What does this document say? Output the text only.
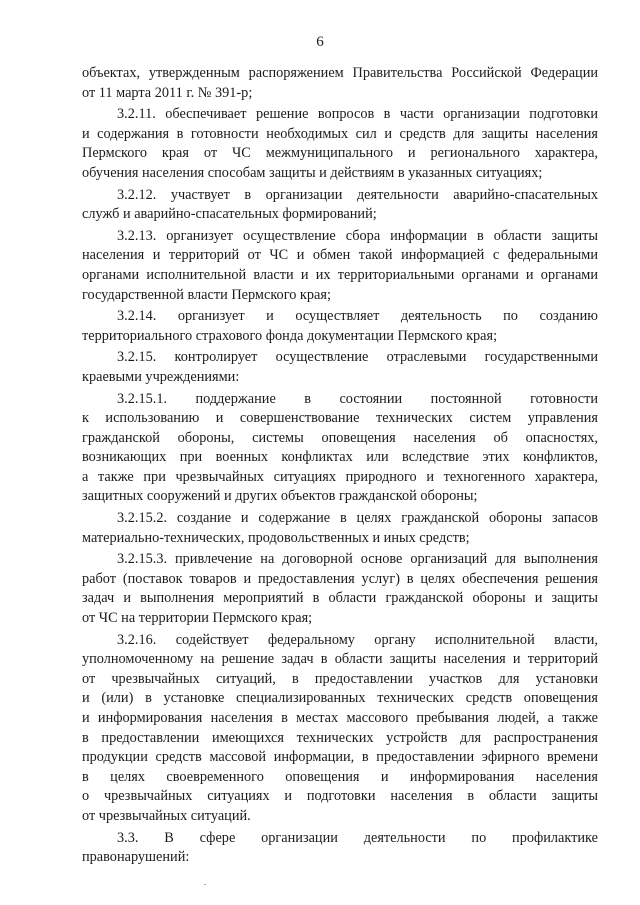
6
объектах, утвержденным распоряжением Правительства Российской Федерации
от 11 марта 2011 г. № 391-р;
3.2.11. обеспечивает решение вопросов в части организации подготовки
и содержания в готовности необходимых сил и средств для защиты населения
Пермского края от ЧС межмуниципального и регионального характера,
обучения населения способам защиты и действиям в указанных ситуациях;
3.2.12. участвует в организации деятельности аварийно-спасательных
служб и аварийно-спасательных формирований;
3.2.13. организует осуществление сбора информации в области защиты
населения и территорий от ЧС и обмен такой информацией с федеральными
органами исполнительной власти и их территориальными органами и органами
государственной власти Пермского края;
3.2.14. организует и осуществляет деятельность по созданию
территориального страхового фонда документации Пермского края;
3.2.15. контролирует осуществление отраслевыми государственными
краевыми учреждениями:
3.2.15.1. поддержание в состоянии постоянной готовности
к использованию и совершенствование технических систем управления
гражданской обороны, системы оповещения населения об опасностях,
возникающих при военных конфликтах или вследствие этих конфликтов,
а также при чрезвычайных ситуациях природного и техногенного характера,
защитных сооружений и других объектов гражданской обороны;
3.2.15.2. создание и содержание в целях гражданской обороны запасов
материально-технических, продовольственных и иных средств;
3.2.15.3. привлечение на договорной основе организаций для выполнения
работ (поставок товаров и предоставления услуг) в целях обеспечения решения
задач и выполнения мероприятий в области гражданской обороны и защиты
от ЧС на территории Пермского края;
3.2.16. содействует федеральному органу исполнительной власти,
уполномоченному на решение задач в области защиты населения и территорий
от чрезвычайных ситуаций, в предоставлении участков для установки
и (или) в установке специализированных технических средств оповещения
и информирования населения в местах массового пребывания людей, а также
в предоставлении имеющихся технических устройств для распространения
продукции средств массовой информации, в предоставлении эфирного времени
в целях своевременного оповещения и информирования населения
о чрезвычайных ситуациях и подготовки населения в области защиты
от чрезвычайных ситуаций.
3.3. В сфере организации деятельности по профилактике
правонарушений:
